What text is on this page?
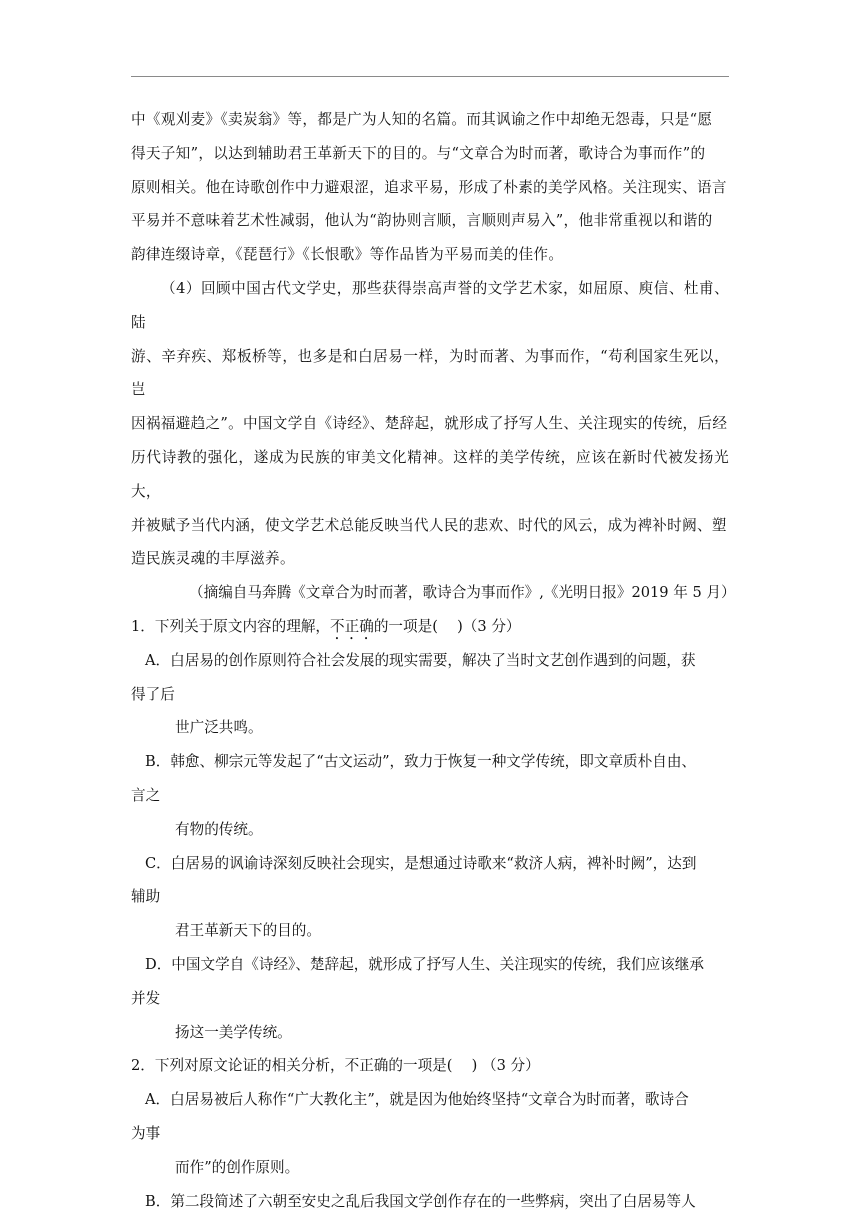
中《观刈麦》《卖炭翁》等，都是广为人知的名篇。而其讽谕之作中却绝无怨毒，只是“愿
得天子知”，以达到辅助君王革新天下的目的。与“文章合为时而著，歌诗合为事而作”的
原则相关。他在诗歌创作中力避艰涩，追求平易，形成了朴素的美学风格。关注现实、语言
平易并不意味着艺术性减弱，他认为“韵协则言顺，言顺则声易入”，他非常重视以和谐的
韵律连缀诗章，《琵琶行》《长恨歌》等作品皆为平易而美的佳作。

（4）回顾中国古代文学史，那些获得崇高声誉的文学艺术家，如屈原、庾信、杜甫、陆
游、辛弃疾、郑板桥等，也多是和白居易一样，为时而著、为事而作，“苟利国家生死以，岂
因祸福避趋之”。中国文学自《诗经》、楚辞起，就形成了抒写人生、关注现实的传统，后经
历代诗教的强化，遂成为民族的审美文化精神。这样的美学传统，应该在新时代被发扬光大，
并被赋予当代内涵，使文学艺术总能反映当代人民的悲欢、时代的风云，成为裨补时阙、塑
造民族灵魂的丰厚滋养。

（摘编自马奔腾《文章合为时而著，歌诗合为事而作》,《光明日报》2019 年 5 月）

1．下列关于原文内容的理解，不正确的一项是(　 )（3 分）

A．白居易的创作原则符合社会发展的现实需要，解决了当时文艺创作遇到的问题，获
得了后
世广泛共鸣。
B．韩愈、柳宗元等发起了“古文运动”，致力于恢复一种文学传统，即文章质朴自由、
言之
有物的传统。
C．白居易的讽谕诗深刻反映社会现实，是想通过诗歌来“救济人病，裨补时阙”，达到
辅助
君王革新天下的目的。
D．中国文学自《诗经》、楚辞起，就形成了抒写人生、关注现实的传统，我们应该继承
并发
扬这一美学传统。

2．下列对原文论证的相关分析，不正确的一项是(　 ) （3 分）

A．白居易被后人称作“广大教化主”，就是因为他始终坚持“文章合为时而著，歌诗合
为事
而作”的创作原则。
B．第二段简述了六朝至安史之乱后我国文学创作存在的一些弊病，突出了白居易等人
